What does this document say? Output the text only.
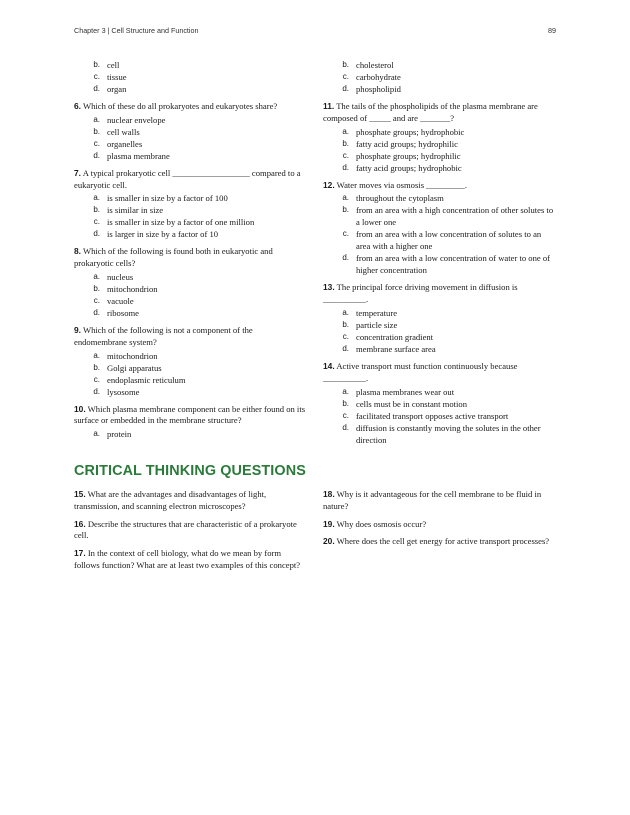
Chapter 3 | Cell Structure and Function	89
b. cell
c. tissue
d. organ
6. Which of these do all prokaryotes and eukaryotes share?
a. nuclear envelope
b. cell walls
c. organelles
d. plasma membrane
7. A typical prokaryotic cell __________________ compared to a eukaryotic cell.
a. is smaller in size by a factor of 100
b. is similar in size
c. is smaller in size by a factor of one million
d. is larger in size by a factor of 10
8. Which of the following is found both in eukaryotic and prokaryotic cells?
a. nucleus
b. mitochondrion
c. vacuole
d. ribosome
9. Which of the following is not a component of the endomembrane system?
a. mitochondrion
b. Golgi apparatus
c. endoplasmic reticulum
d. lysosome
10. Which plasma membrane component can be either found on its surface or embedded in the membrane structure?
a. protein
b. cholesterol
c. carbohydrate
d. phospholipid
11. The tails of the phospholipids of the plasma membrane are composed of _____ and are _______?
a. phosphate groups; hydrophobic
b. fatty acid groups; hydrophilic
c. phosphate groups; hydrophilic
d. fatty acid groups; hydrophobic
12. Water moves via osmosis _________.
a. throughout the cytoplasm
b. from an area with a high concentration of other solutes to a lower one
c. from an area with a low concentration of solutes to an area with a higher one
d. from an area with a low concentration of water to one of higher concentration
13. The principal force driving movement in diffusion is __________.
a. temperature
b. particle size
c. concentration gradient
d. membrane surface area
14. Active transport must function continuously because __________.
a. plasma membranes wear out
b. cells must be in constant motion
c. facilitated transport opposes active transport
d. diffusion is constantly moving the solutes in the other direction
CRITICAL THINKING QUESTIONS
15. What are the advantages and disadvantages of light, transmission, and scanning electron microscopes?
16. Describe the structures that are characteristic of a prokaryote cell.
17. In the context of cell biology, what do we mean by form follows function? What are at least two examples of this concept?
18. Why is it advantageous for the cell membrane to be fluid in nature?
19. Why does osmosis occur?
20. Where does the cell get energy for active transport processes?
